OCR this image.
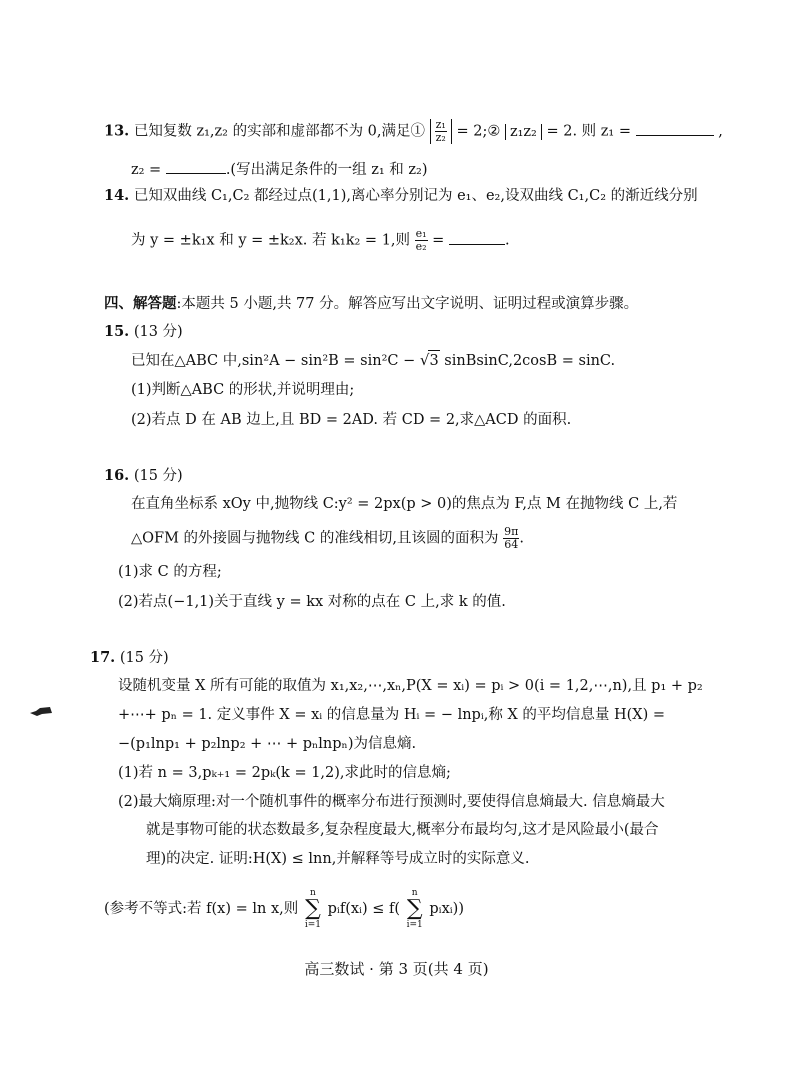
13. 已知复数 z₁,z₂ 的实部和虚部都不为 0,满足① $\frac{\text{z₁}}{\text{z₂}}$ = 2;② z₁z₂ = 2. 则 z₁ =	,
z₂ =	.(写出满足条件的一组 z₁ 和 z₂)
14. 已知双曲线 C₁,C₂ 都经过点(1,1),离心率分别记为 e₁、e₂,设双曲线 C₁,C₂ 的渐近线分别
为 y = ±k₁x 和 y = ±k₂x. 若 k₁k₂ = 1,则 $\frac{\text{e₁}}{\text{e₂}}$ =	.
四、解答题:本题共 5 小题,共 77 分。解答应写出文字说明、证明过程或演算步骤。
15. (13 分)
已知在△ABC 中,sin²A − sin²B = sin²C − √3 sinBsinC,2cosB = sinC.
(1)判断△ABC 的形状,并说明理由;
(2)若点 D 在 AB 边上,且 BD = 2AD. 若 CD = 2,求△ACD 的面积.
16. (15 分)
在直角坐标系 xOy 中,抛物线 C:y² = 2px(p > 0)的焦点为 F,点 M 在抛物线 C 上,若
△OFM 的外接圆与抛物线 C 的准线相切,且该圆的面积为 $\frac{9\pi}{64}$ .
(1)求 C 的方程;
(2)若点(−1,1)关于直线 y = kx 对称的点在 C 上,求 k 的值.
17. (15 分)
设随机变量 X 所有可能的取值为 x₁,x₂,⋯,xₙ,P(X = xᵢ) = pᵢ > 0(i = 1,2,⋯,n),且 p₁ + p₂
+⋯+ pₙ = 1. 定义事件 X = xᵢ 的信息量为 Hᵢ = − lnpᵢ,称 X 的平均信息量 H(X) =
−(p₁lnp₁ + p₂lnp₂ + ⋯ + pₙlnpₙ)为信息熵.
(1)若 n = 3,pₖ₊₁ = 2pₖ(k = 1,2),求此时的信息熵;
(2)最大熵原理:对一个随机事件的概率分布进行预测时,要使得信息熵最大. 信息熵最大
就是事物可能的状态数最多,复杂程度最大,概率分布最均匀,这才是风险最小(最合
理)的决定. 证明:H(X) ≤ lnn,并解释等号成立时的实际意义.
(参考不等式:若 f(x) = ln x,则
n
∑
i=1
pᵢf(xᵢ) ≤ f(
n
∑
i=1
pᵢxᵢ))
高三数试 · 第 3 页(共 4 页)
